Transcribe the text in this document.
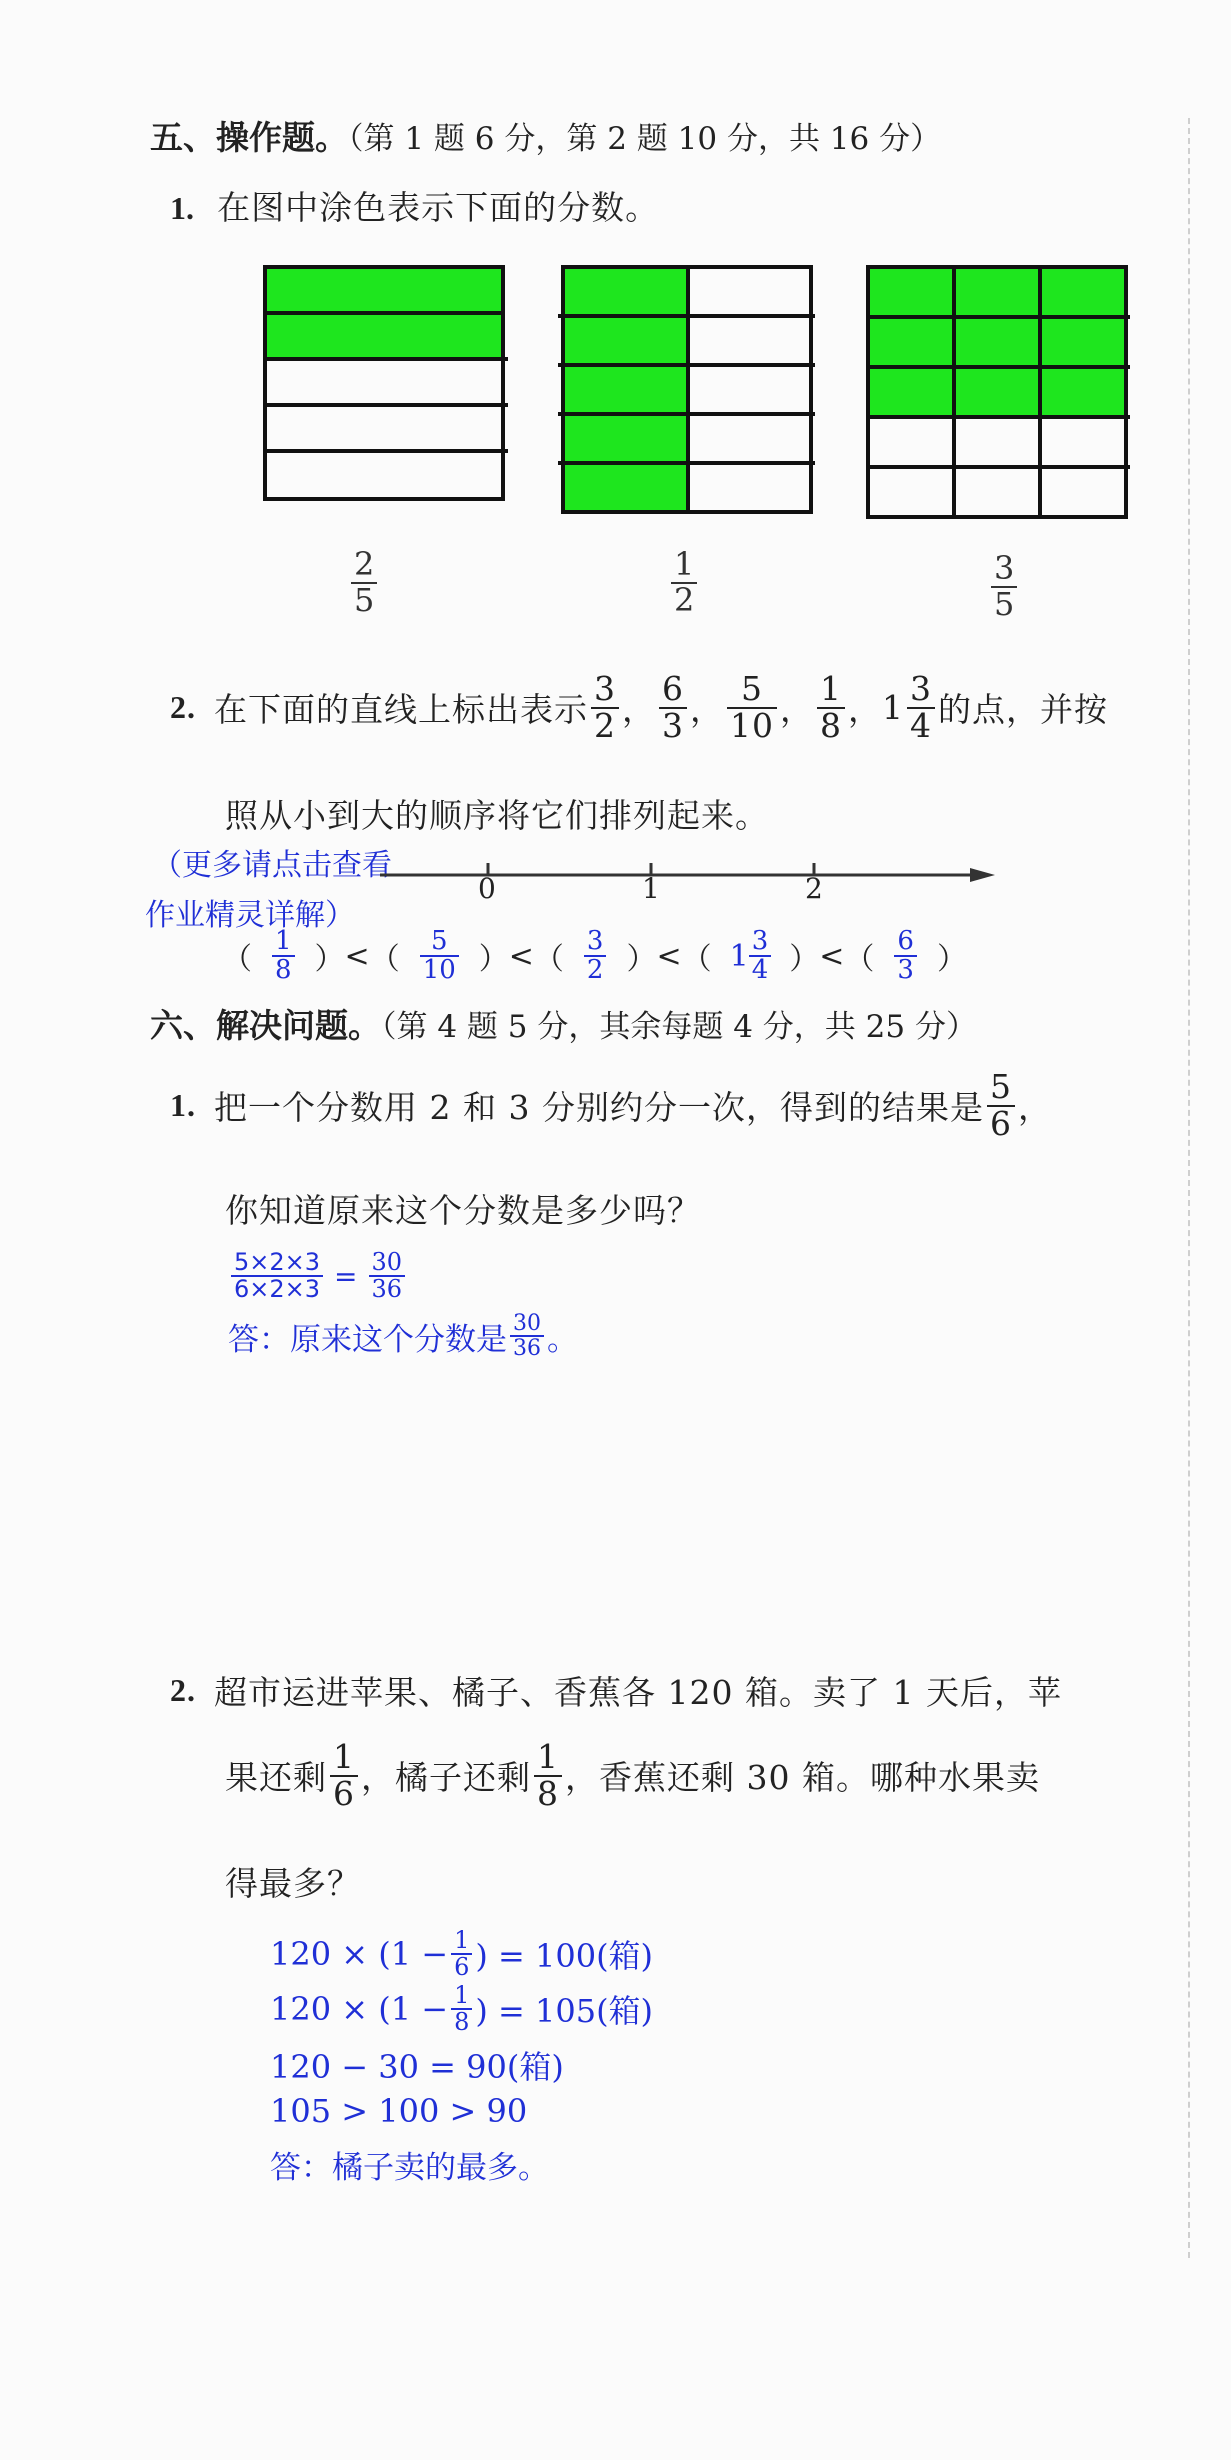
五、操作题。（第 1 题 6 分，第 2 题 10 分，共 16 分）
1. 在图中涂色表示下面的分数。
$\frac{2}{5}$	$\frac{1}{2}$	$\frac{3}{5}$
2. 在下面的直线上标出表示 $\frac{3}{2}$ ， $\frac{6}{3}$ ， $\frac{5}{10}$ ， $\frac{1}{8}$ ， $1 \frac{3}{4}$ 的点，并按
照从小到大的顺序将它们排列起来。
（更多请点击查看
作业精灵详解）
0	1	2
（ $\frac{1}{8}$ ） < （ $\frac{5}{10}$ ） < （ $\frac{3}{2}$ ） < （ $1 \frac{3}{4}$ ） < （ $\frac{6}{3}$ ）
六、解决问题。（第 4 题 5 分，其余每题 4 分，共 25 分）
1. 把一个分数用 2 和 3 分别约分一次，得到的结果是 $\frac{5}{6}$ ，
你知道原来这个分数是多少吗？
$\frac{5\times 2\times 3}{6\times 2\times 3} = \frac{30}{36}$
答：原来这个分数是 $\frac{30}{36}$ 。
2. 超市运进苹果、橘子、香蕉各 120 箱。卖了 1 天后，苹
果还剩 $\frac{1}{6}$ ，橘子还剩 $\frac{1}{8}$ ，香蕉还剩 30 箱。哪种水果卖
得最多？
$120 \times (1 - \frac{1}{6}$ ) = 100(箱)
$120 \times (1 - \frac{1}{8}$ ) = 105(箱)
120 − 30 = 90(箱)
105 > 100 > 90
答：橘子卖的最多。
